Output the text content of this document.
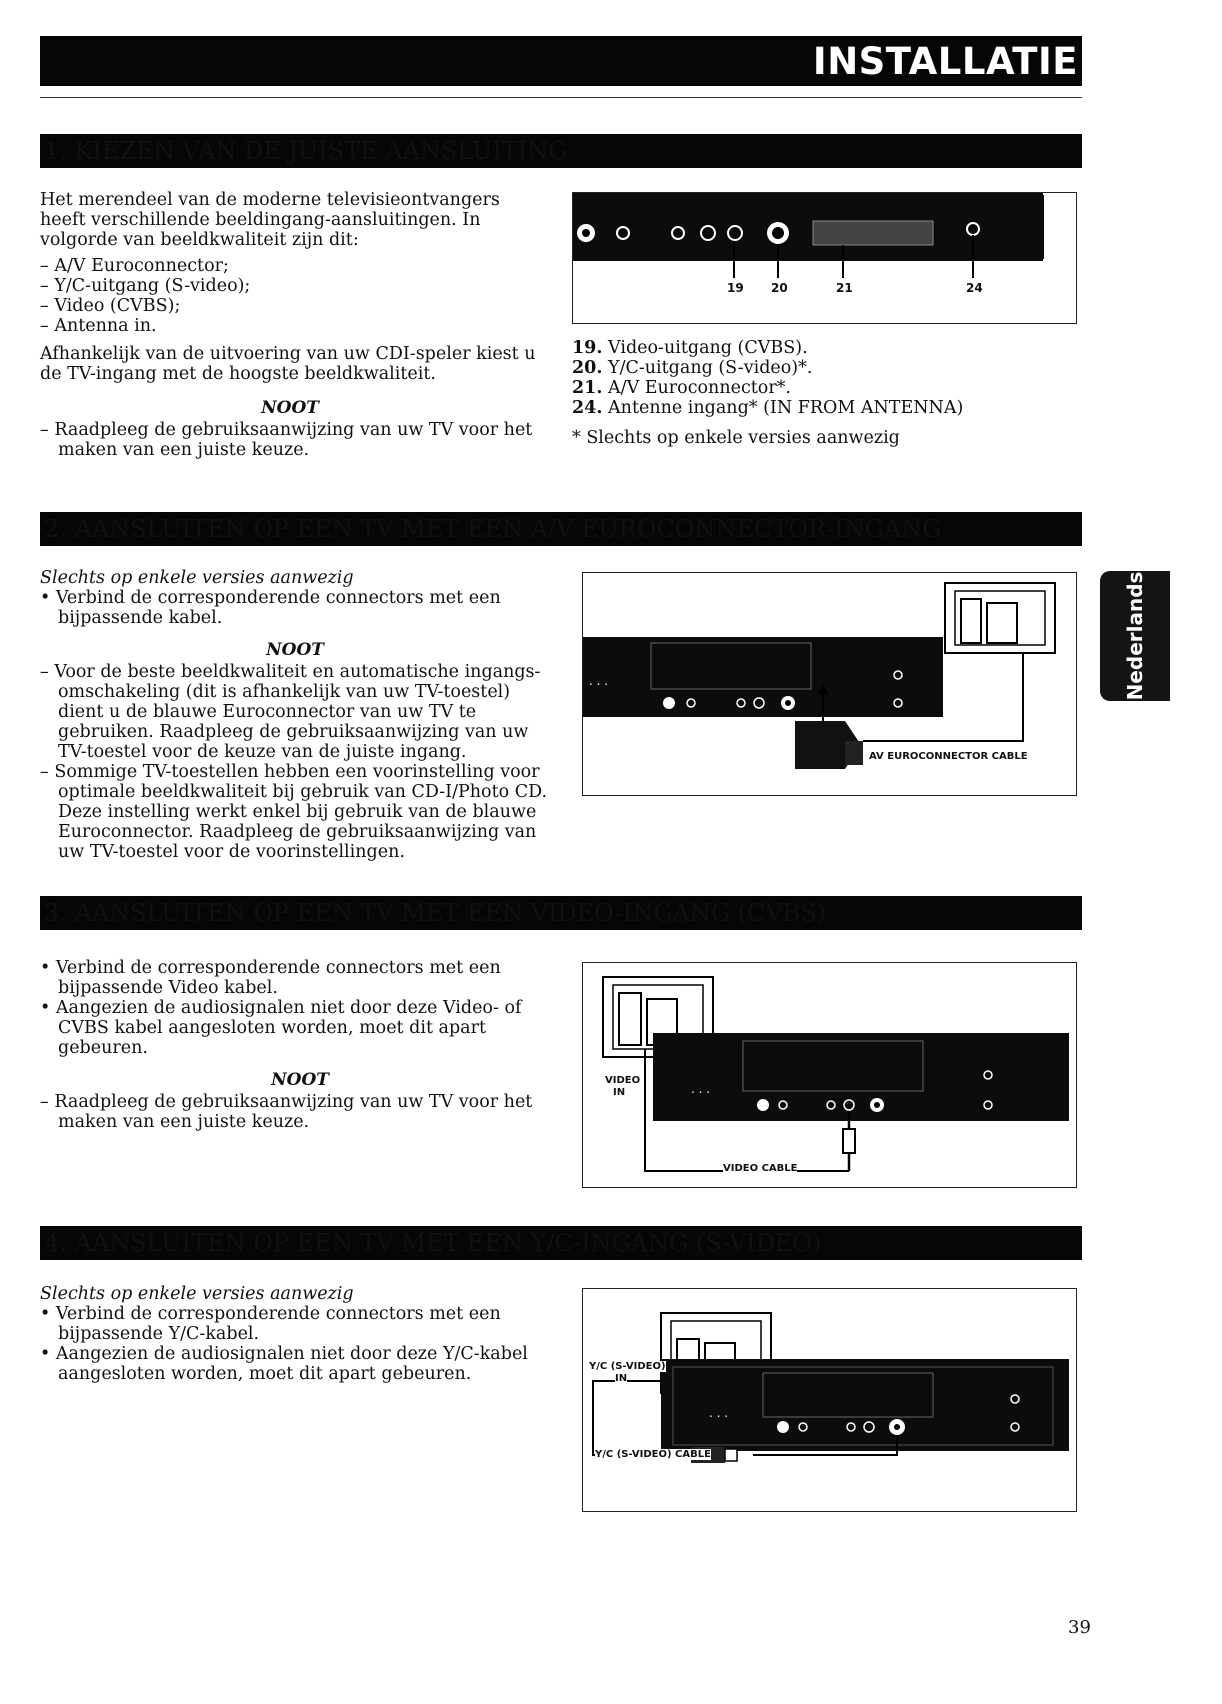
INSTALLATIE
Nederlands
1. KIEZEN VAN DE JUISTE AANSLUITING

Het merendeel van de moderne televisieontvangers heeft verschillende beeldingang-aansluitingen. In volgorde van beeldkwaliteit zijn dit:

– A/V Euroconnector;

– Y/C-uitgang (S-video);

– Video (CVBS);

– Antenna in.

Afhankelijk van de uitvoering van uw CDI-speler kiest u de TV-ingang met de hoogste beeldkwaliteit.

NOOT

– Raadpleeg de gebruiksaanwijzing van uw TV voor het maken van een juiste keuze.

19 20	21	24

19. Video-uitgang (CVBS).

20. Y/C-uitgang (S-video)*.

21. A/V Euroconnector*.

24. Antenne ingang* (IN FROM ANTENNA)

* Slechts op enkele versies aanwezig

2. AANSLUITEN OP EEN TV MET EEN A/V EUROCONNECTOR-INGANG

Slechts op enkele versies aanwezig

• Verbind de corresponderende connectors met een bijpassende kabel.

NOOT

– Voor de beste beeldkwaliteit en automatische ingangs-omschakeling (dit is afhankelijk van uw TV-toestel) dient u de blauwe Euroconnector van uw TV te gebruiken. Raadpleeg de gebruiksaanwijzing van uw TV-toestel voor de keuze van de juiste ingang.

– Sommige TV-toestellen hebben een voorinstelling voor optimale beeldkwaliteit bij gebruik van CD-I/Photo CD. Deze instelling werkt enkel bij gebruik van de blauwe Euroconnector. Raadpleeg de gebruiksaanwijzing van uw TV-toestel voor de voorinstellingen.

. . .
AV EUROCONNECTOR CABLE
3. AANSLUITEN OP EEN TV MET EEN VIDEO-INGANG (CVBS)

• Verbind de corresponderende connectors met een bijpassende Video kabel.

• Aangezien de audiosignalen niet door deze Video- of CVBS kabel aangesloten worden, moet dit apart gebeuren.

NOOT

– Raadpleeg de gebruiksaanwijzing van uw TV voor het maken van een juiste keuze.

. . .
VIDEO
IN
VIDEO CABLE
4. AANSLUITEN OP EEN TV MET EEN Y/C-INGANG (S-VIDEO)

Slechts op enkele versies aanwezig

• Verbind de corresponderende connectors met een bijpassende Y/C-kabel.

• Aangezien de audiosignalen niet door deze Y/C-kabel aangesloten worden, moet dit apart gebeuren.

. . .
Y/C (S-VIDEO)
IN
Y/C (S-VIDEO) CABLE
39
